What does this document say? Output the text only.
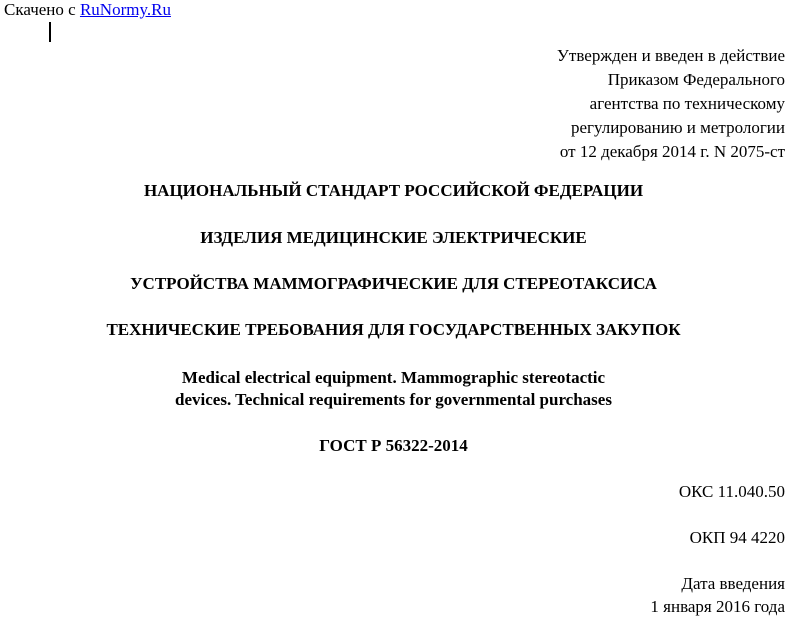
Скачено с RuNormy.Ru
Утвержден и введен в действие
Приказом Федерального
агентства по техническому
регулированию и метрологии
от 12 декабря 2014 г. N 2075-ст
НАЦИОНАЛЬНЫЙ СТАНДАРТ РОССИЙСКОЙ ФЕДЕРАЦИИ
ИЗДЕЛИЯ МЕДИЦИНСКИЕ ЭЛЕКТРИЧЕСКИЕ
УСТРОЙСТВА МАММОГРАФИЧЕСКИЕ ДЛЯ СТЕРЕОТАКСИСА
ТЕХНИЧЕСКИЕ ТРЕБОВАНИЯ ДЛЯ ГОСУДАРСТВЕННЫХ ЗАКУПОК
Medical electrical equipment. Mammographic stereotactic
devices. Technical requirements for governmental purchases
ГОСТ Р 56322-2014
ОКС 11.040.50
ОКП 94 4220
Дата введения
1 января 2016 года
